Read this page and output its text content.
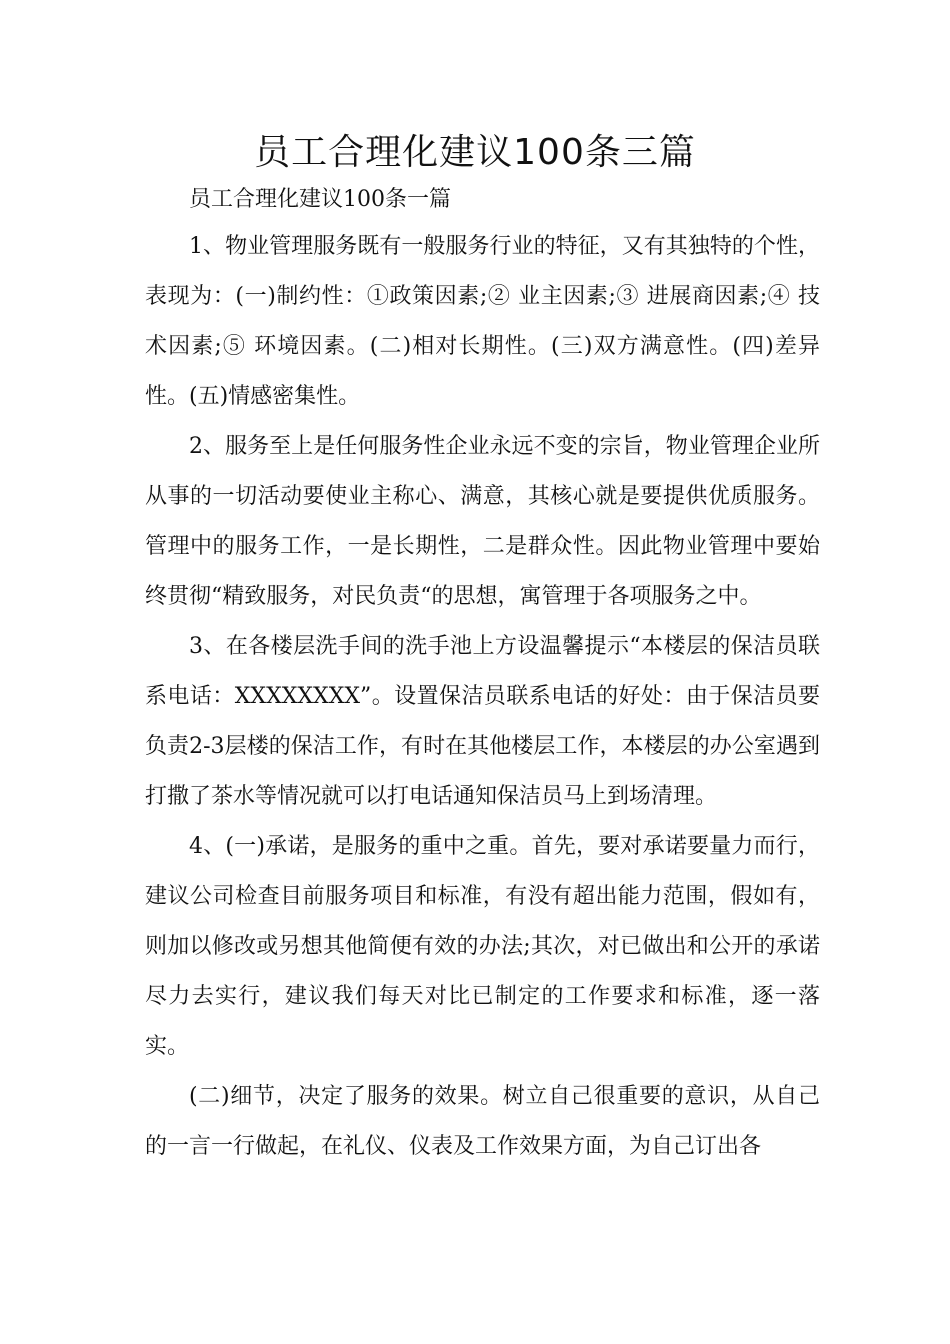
员工合理化建议100条三篇

员工合理化建议100条一篇

1、物业管理服务既有一般服务行业的特征，又有其独特的个性，表现为：(一)制约性：①政策因素;② 业主因素;③ 进展商因素;④ 技术因素;⑤ 环境因素。(二)相对长期性。(三)双方满意性。(四)差异性。(五)情感密集性。

2、服务至上是任何服务性企业永远不变的宗旨，物业管理企业所从事的一切活动要使业主称心、满意，其核心就是要提供优质服务。管理中的服务工作，一是长期性，二是群众性。因此物业管理中要始终贯彻“精致服务，对民负责“的思想，寓管理于各项服务之中。

3、在各楼层洗手间的洗手池上方设温馨提示“本楼层的保洁员联系电话：XXXXXXXX”。设置保洁员联系电话的好处：由于保洁员要负责2-3层楼的保洁工作，有时在其他楼层工作，本楼层的办公室遇到打撒了茶水等情况就可以打电话通知保洁员马上到场清理。

4、(一)承诺，是服务的重中之重。首先，要对承诺要量力而行，建议公司检查目前服务项目和标准，有没有超出能力范围，假如有，则加以修改或另想其他简便有效的办法;其次，对已做出和公开的承诺尽力去实行，建议我们每天对比已制定的工作要求和标准，逐一落实。

(二)细节，决定了服务的效果。树立自己很重要的意识，从自己的一言一行做起，在礼仪、仪表及工作效果方面，为自己订出各
